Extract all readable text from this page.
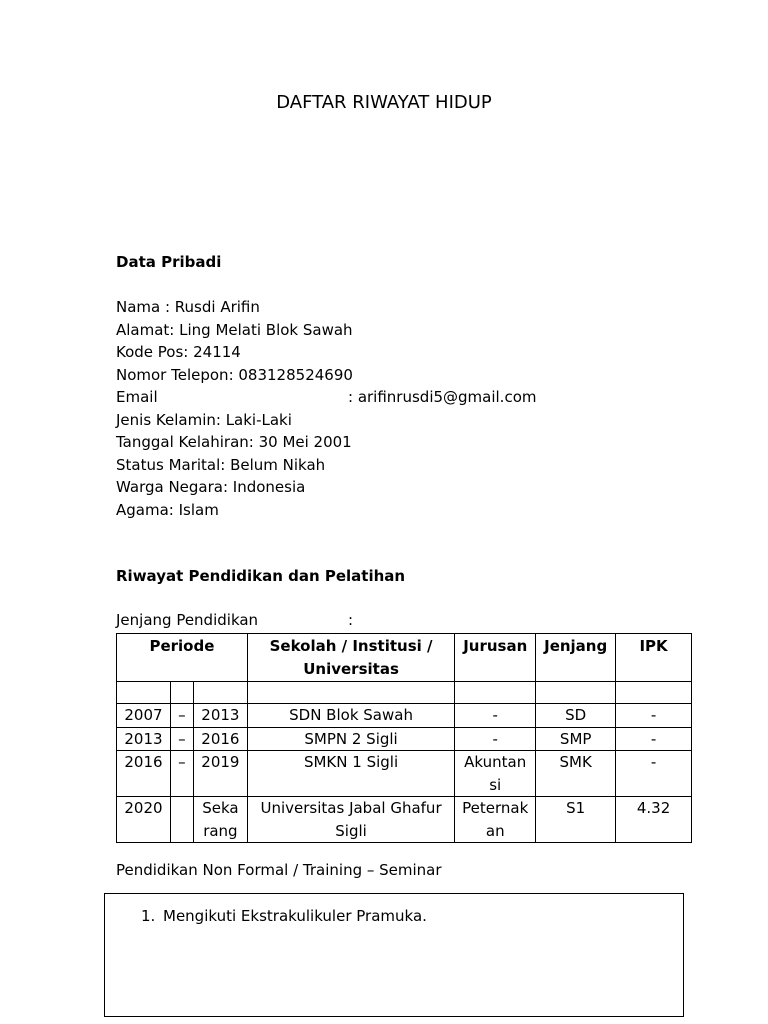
DAFTAR RIWAYAT HIDUP
Data Pribadi
Nama : Rusdi Arifin
Alamat: Ling Melati Blok Sawah
Kode Pos: 24114
Nomor Telepon: 083128524690
Email	: arifinrusdi5@gmail.com
Jenis Kelamin: Laki-Laki
Tanggal Kelahiran: 30 Mei 2001
Status Marital: Belum Nikah
Warga Negara: Indonesia
Agama: Islam
Riwayat Pendidikan dan Pelatihan

Jenjang Pendidikan	:

Periode			Sekolah / Institusi / Universitas	Jurusan	Jenjang	IPK

2007	–	2013	SDN Blok Sawah	-	SD	-
2013	–	2016	SMPN 2 Sigli	-	SMP	-
2016	–	2019	SMKN 1 Sigli	Akuntan si	SMK	-
2020		Seka rang	Universitas Jabal Ghafur Sigli	Peternak an	S1	4.32

Pendidikan Non Formal / Training – Seminar

1. Mengikuti Ekstrakulikuler Pramuka.
